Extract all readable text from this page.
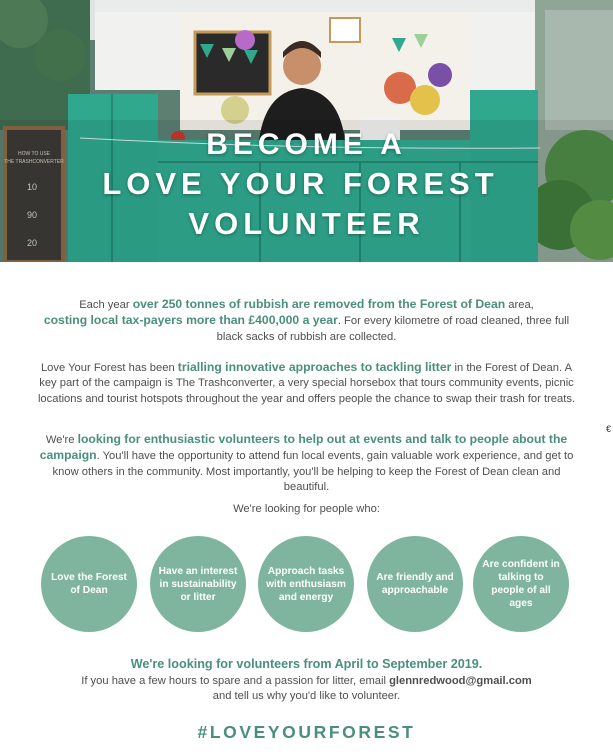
HOW TO USE
THE TRASHCONVERTER
10
90
20
BECOME A
LOVE YOUR FOREST
VOLUNTEER
Each year over 250 tonnes of rubbish are removed from the Forest of Dean area,
costing local tax-payers more than £400,000 a year. For every kilometre of road cleaned, three full black sacks of rubbish are collected.
Love Your Forest has been trialling innovative approaches to tackling litter in the Forest of Dean. A key part of the campaign is The Trashconverter, a very special horsebox that tours community events, picnic locations and tourist hotspots throughout the year and offers people the chance to swap their trash for treats.
We're looking for enthusiastic volunteers to help out at events and talk to people about the campaign. You'll have the opportunity to attend fun local events, gain valuable work experience, and get to know others in the community. Most importantly, you'll be helping to keep the Forest of Dean clean and beautiful.
We're looking for people who:
Love the Forest of Dean
Have an interest in sustainability or litter
Approach tasks with enthusiasm and energy
Are friendly and approachable
Are confident in talking to people of all ages
We're looking for volunteers from April to September 2019.
If you have a few hours to spare and a passion for litter, email glennredwood@gmail.com
and tell us why you'd like to volunteer.
#LOVEYOURFOREST
€
